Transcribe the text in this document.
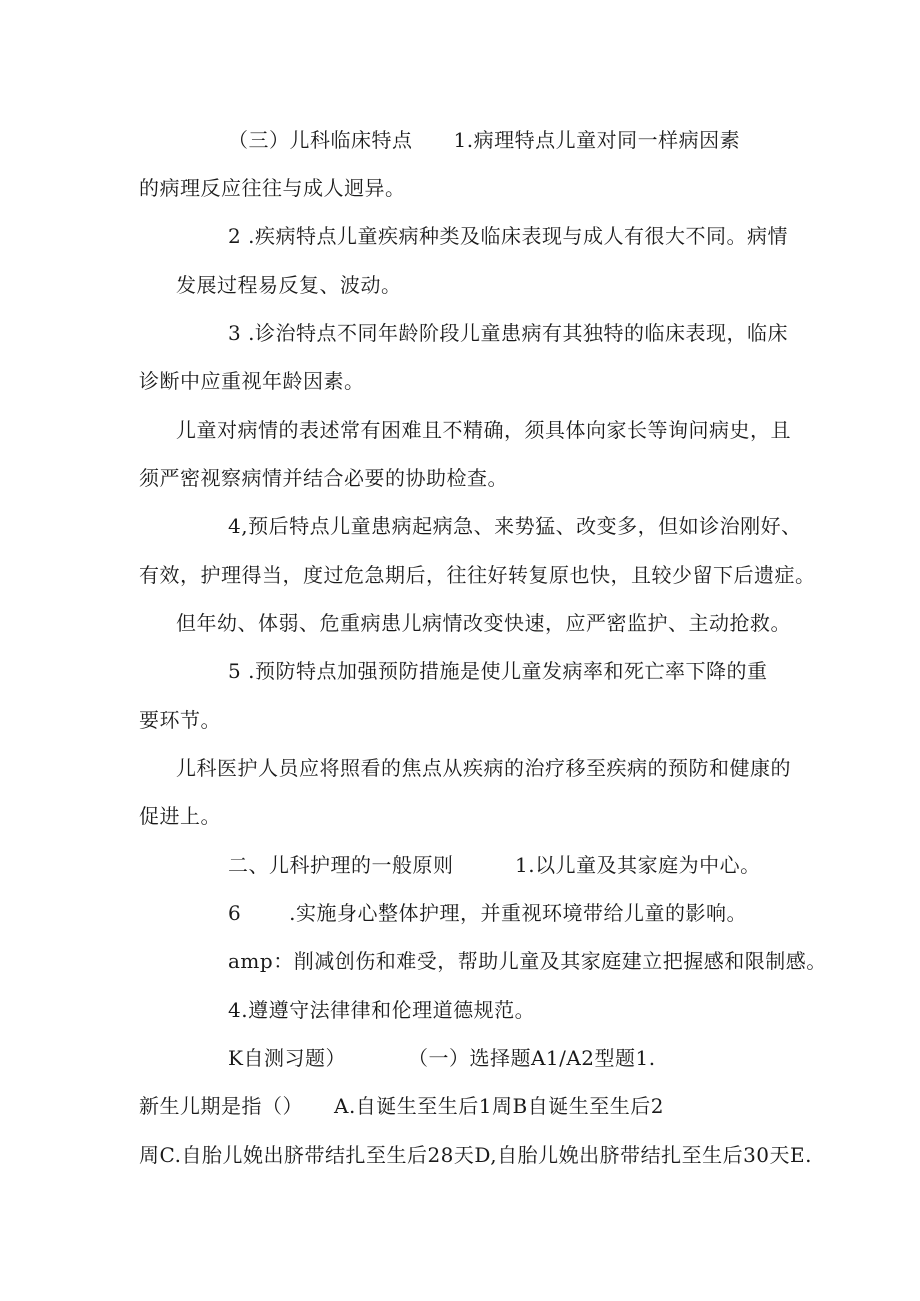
（三）儿科临床特点　　1.病理特点儿童对同一样病因素
的病理反应往往与成人迥异。
2 .疾病特点儿童疾病种类及临床表现与成人有很大不同。病情
发展过程易反复、波动。
3 .诊治特点不同年龄阶段儿童患病有其独特的临床表现，临床
诊断中应重视年龄因素。
儿童对病情的表述常有困难且不精确，须具体向家长等询问病史，且
须严密视察病情并结合必要的协助检查。
4,预后特点儿童患病起病急、来势猛、改变多，但如诊治刚好、
有效，护理得当，度过危急期后，往往好转复原也快，且较少留下后遗症。
但年幼、体弱、危重病患儿病情改变快速，应严密监护、主动抢救。
5 .预防特点加强预防措施是使儿童发病率和死亡率下降的重
要环节。
儿科医护人员应将照看的焦点从疾病的治疗移至疾病的预防和健康的
促进上。
二、儿科护理的一般原则　　　1.以儿童及其家庭为中心。
6　　 .实施身心整体护理，并重视环境带给儿童的影响。
amp：削减创伤和难受，帮助儿童及其家庭建立把握感和限制感。
4.遵遵守法律律和伦理道德规范。
K自测习题）　　　　（一）选择题A1/A2型题1.
新生儿期是指（）　　A.自诞生至生后1周B自诞生至生后2
周C.自胎儿娩出脐带结扎至生后28天D,自胎儿娩出脐带结扎至生后30天E.
